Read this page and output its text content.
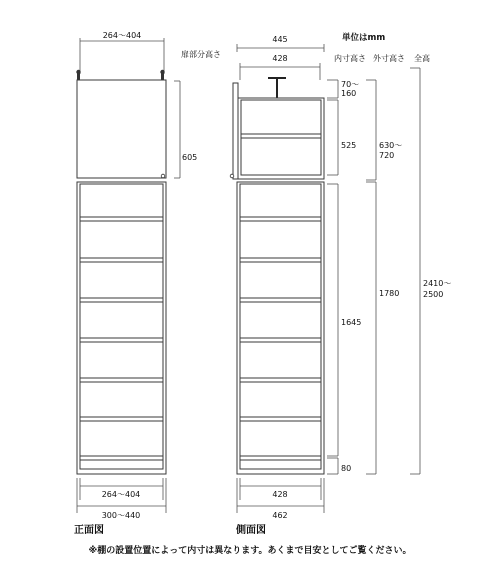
単位はmm
内寸高さ 外寸高さ 全高
264～404
扉部分高さ
605
264～404
300～440
正面図
445
428
70～
160
525
1645
80
630～
720
1780
2410～
2500
428
462
側面図
※棚の設置位置によって内寸は異なります。あくまで目安としてご覧ください。
